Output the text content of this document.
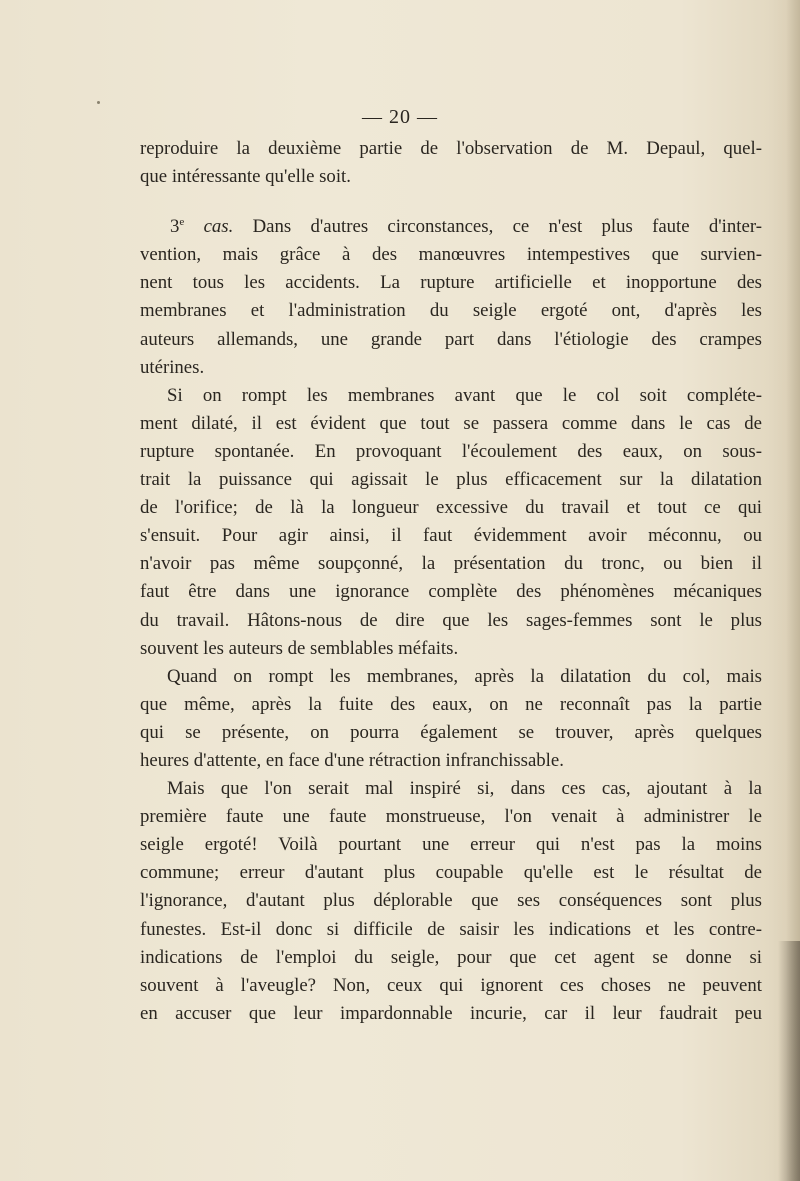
— 20 —
reproduire la deuxième partie de l'observation de M. Depaul, quel-
que intéressante qu'elle soit.
3e cas. Dans d'autres circonstances, ce n'est plus faute d'inter-
vention, mais grâce à des manœuvres intempestives que survien-
nent tous les accidents. La rupture artificielle et inopportune des
membranes et l'administration du seigle ergoté ont, d'après les
auteurs allemands, une grande part dans l'étiologie des crampes
utérines.
Si on rompt les membranes avant que le col soit compléte-
ment dilaté, il est évident que tout se passera comme dans le cas de
rupture spontanée. En provoquant l'écoulement des eaux, on sous-
trait la puissance qui agissait le plus efficacement sur la dilatation
de l'orifice; de là la longueur excessive du travail et tout ce qui
s'ensuit. Pour agir ainsi, il faut évidemment avoir méconnu, ou
n'avoir pas même soupçonné, la présentation du tronc, ou bien il
faut être dans une ignorance complète des phénomènes mécaniques
du travail. Hâtons-nous de dire que les sages-femmes sont le plus
souvent les auteurs de semblables méfaits.
Quand on rompt les membranes, après la dilatation du col, mais
que même, après la fuite des eaux, on ne reconnaît pas la partie
qui se présente, on pourra également se trouver, après quelques
heures d'attente, en face d'une rétraction infranchissable.
Mais que l'on serait mal inspiré si, dans ces cas, ajoutant à la
première faute une faute monstrueuse, l'on venait à administrer le
seigle ergoté! Voilà pourtant une erreur qui n'est pas la moins
commune; erreur d'autant plus coupable qu'elle est le résultat de
l'ignorance, d'autant plus déplorable que ses conséquences sont plus
funestes. Est-il donc si difficile de saisir les indications et les contre-
indications de l'emploi du seigle, pour que cet agent se donne si
souvent à l'aveugle? Non, ceux qui ignorent ces choses ne peuvent
en accuser que leur impardonnable incurie, car il leur faudrait peu
